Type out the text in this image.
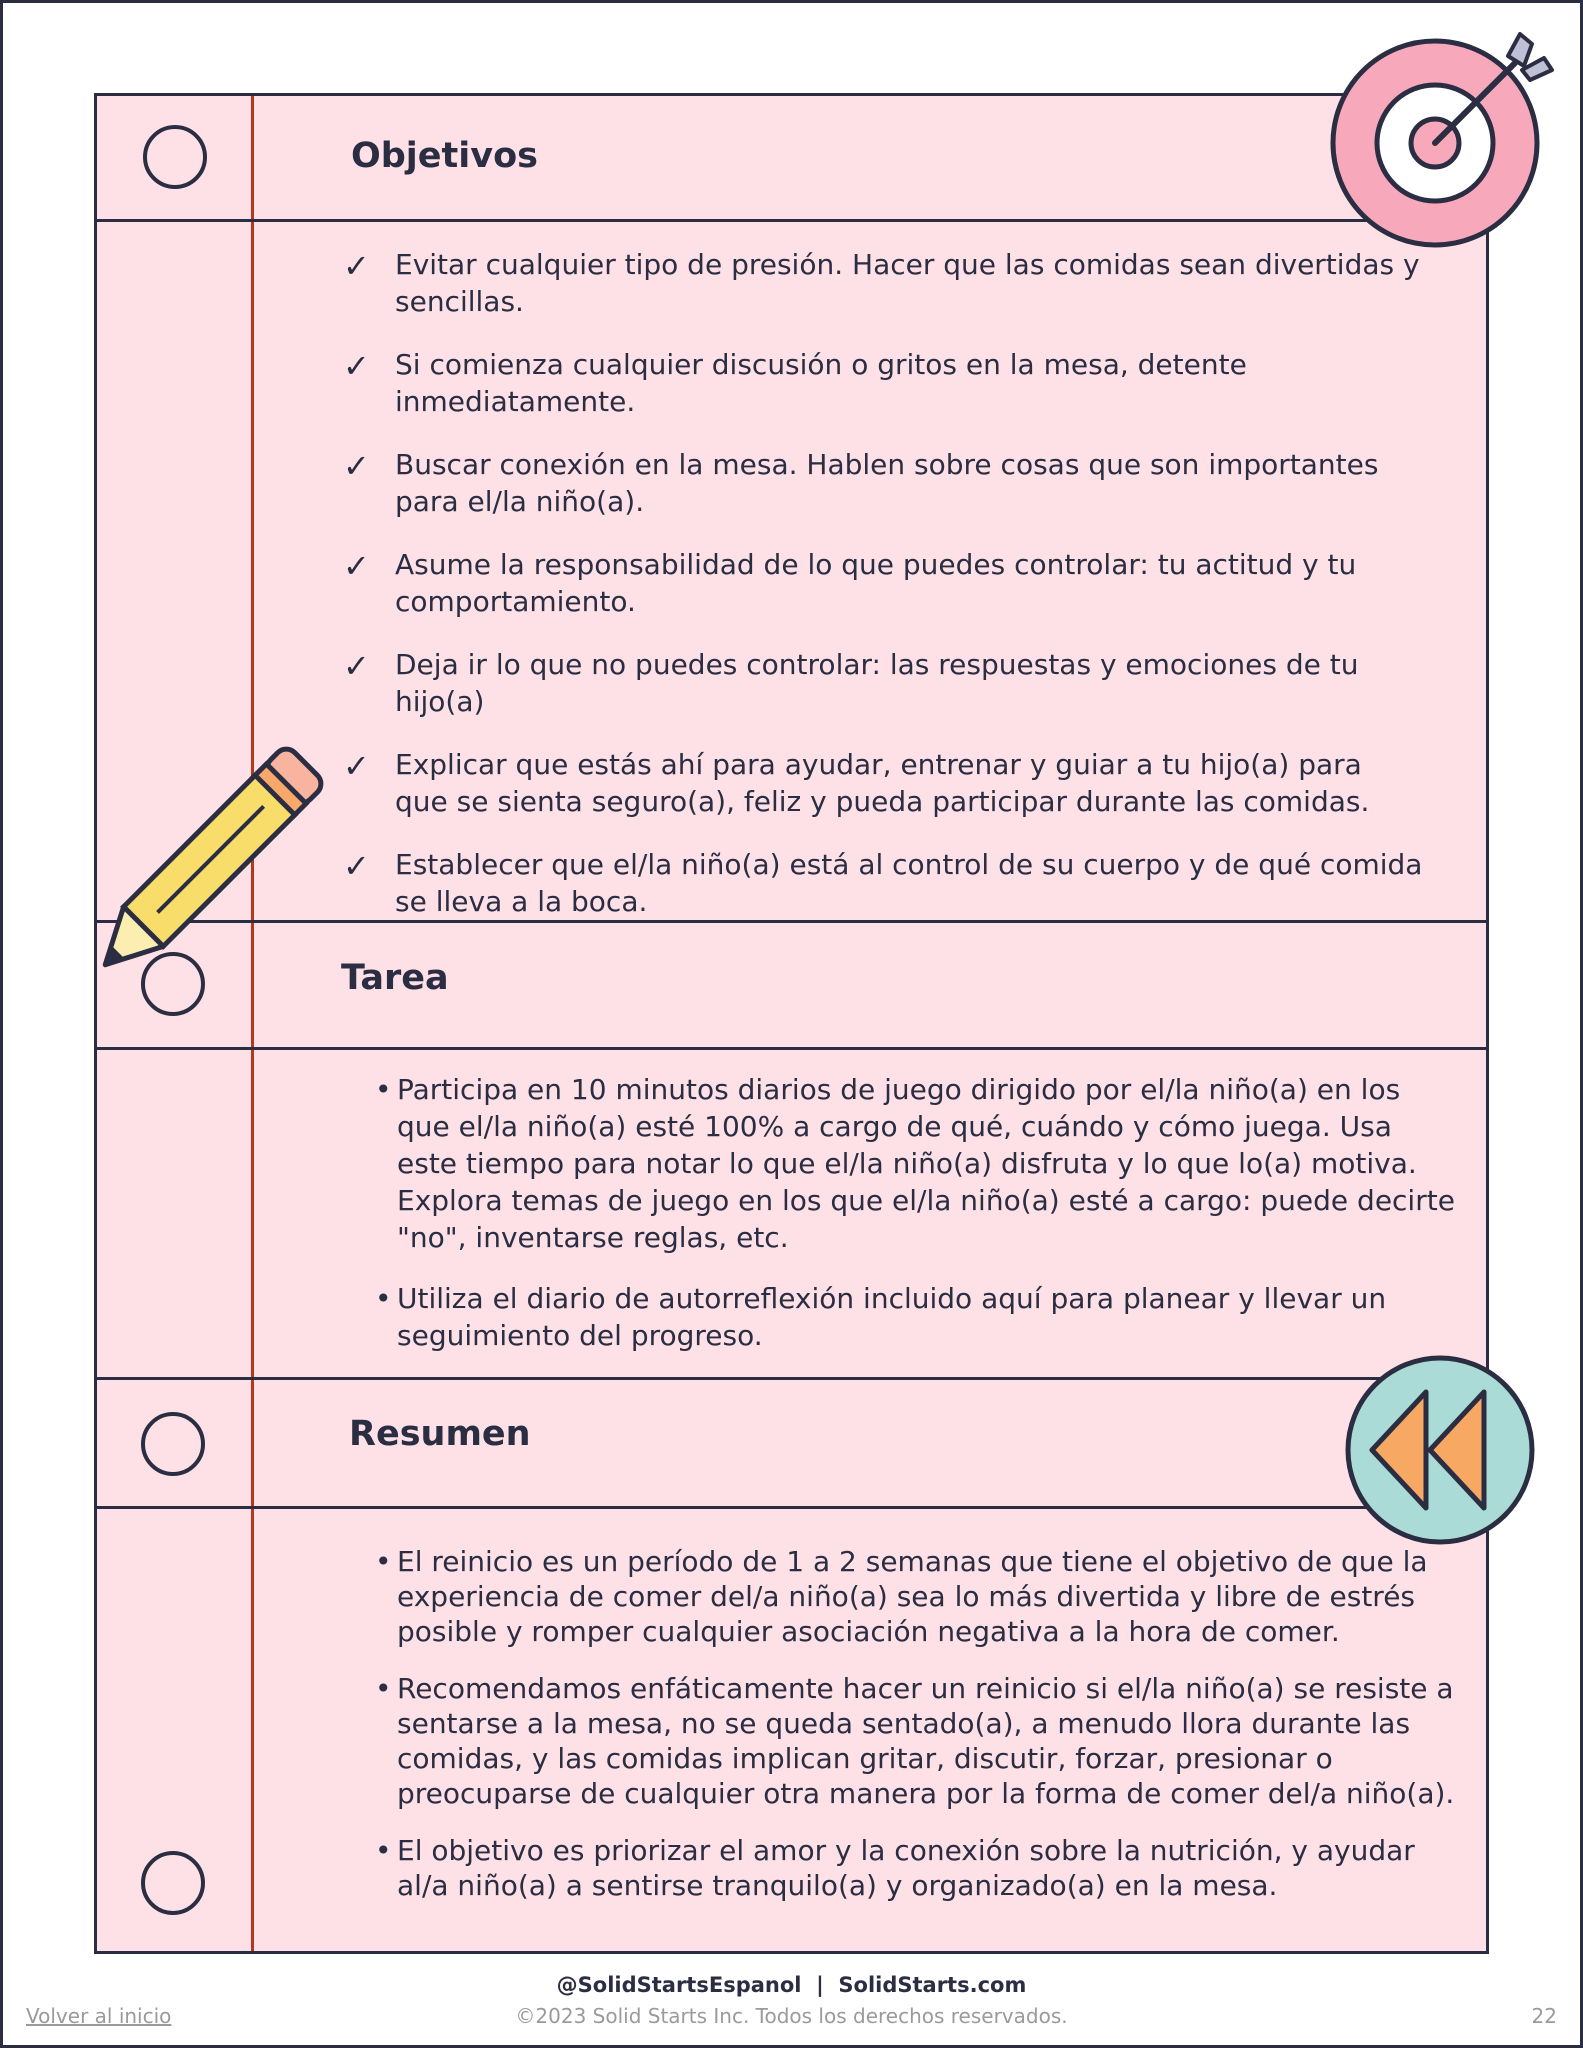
Objetivos
✓ Evitar cualquier tipo de presión. Hacer que las comidas sean divertidas y sencillas.
✓ Si comienza cualquier discusión o gritos en la mesa, detente inmediatamente.
✓ Buscar conexión en la mesa. Hablen sobre cosas que son importantes para el/la niño(a).
✓ Asume la responsabilidad de lo que puedes controlar: tu actitud y tu comportamiento.
✓ Deja ir lo que no puedes controlar: las respuestas y emociones de tu hijo(a)
✓ Explicar que estás ahí para ayudar, entrenar y guiar a tu hijo(a) para que se sienta seguro(a), feliz y pueda participar durante las comidas.
✓ Establecer que el/la niño(a) está al control de su cuerpo y de qué comida se lleva a la boca.
Tarea
• Participa en 10 minutos diarios de juego dirigido por el/la niño(a) en los que el/la niño(a) esté 100% a cargo de qué, cuándo y cómo juega. Usa este tiempo para notar lo que el/la niño(a) disfruta y lo que lo(a) motiva. Explora temas de juego en los que el/la niño(a) esté a cargo: puede decirte "no", inventarse reglas, etc.
• Utiliza el diario de autorreflexión incluido aquí para planear y llevar un seguimiento del progreso.
Resumen
• El reinicio es un período de 1 a 2 semanas que tiene el objetivo de que la experiencia de comer del/a niño(a) sea lo más divertida y libre de estrés posible y romper cualquier asociación negativa a la hora de comer.
• Recomendamos enfáticamente hacer un reinicio si el/la niño(a) se resiste a sentarse a la mesa, no se queda sentado(a), a menudo llora durante las comidas, y las comidas implican gritar, discutir, forzar, presionar o preocuparse de cualquier otra manera por la forma de comer del/a niño(a).
• El objetivo es priorizar el amor y la conexión sobre la nutrición, y ayudar al/a niño(a) a sentirse tranquilo(a) y organizado(a) en la mesa.
@SolidStartsEspanol  |  SolidStarts.com
©2023 Solid Starts Inc. Todos los derechos reservados.
Volver al inicio	22
